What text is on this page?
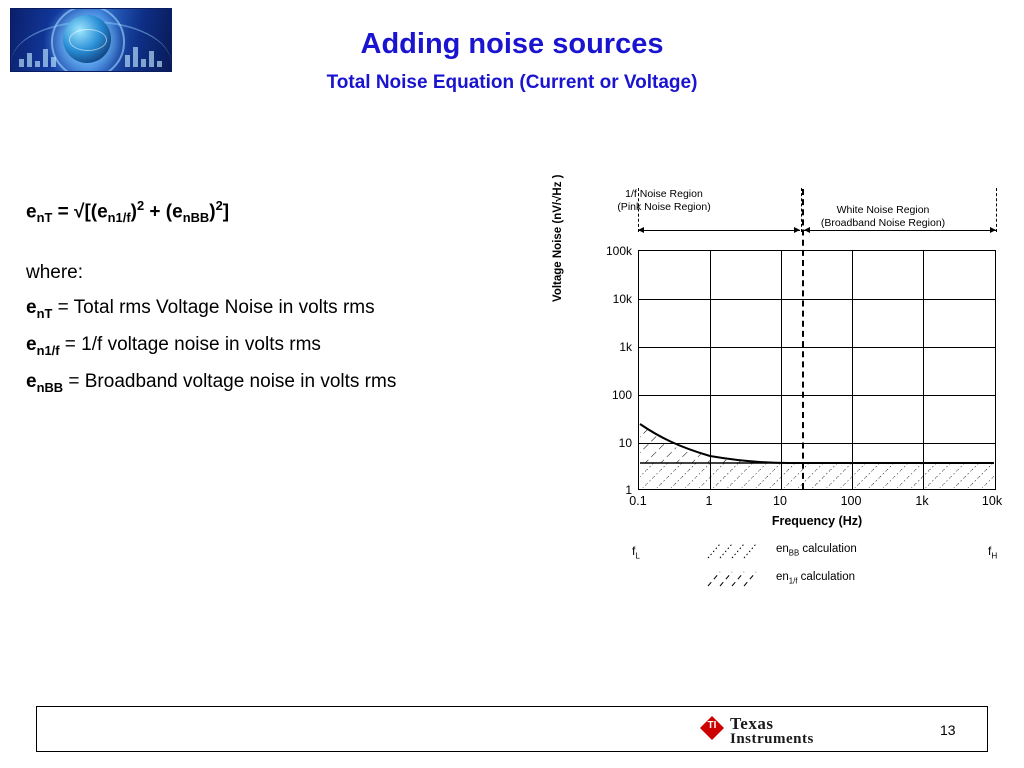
Adding noise sources
Total Noise Equation (Current or Voltage)
$e_{nT} = √[(e_{n1/f})^2 + (e_{nBB})^2]$
where:
$e_{nT}$ = Total rms Voltage Noise in volts rms
$e_{n1/f} = 1/f$ voltage noise in volts rms
$e_{nBB}$ = Broadband voltage noise in volts rms
1/f Noise Region
(Pink Noise Region)	White Noise Region
(Broadband Noise Region)
100k
10k
1k
100
10
1
Voltage Noise (nV/√Hz )
0.1	1	10	100	1k	10k
Frequency (Hz)
$f_L$	$f_H$
$en_{BB}$ calculation
$en_{1/f}$ calculation
TI
Texas
Instruments
13
